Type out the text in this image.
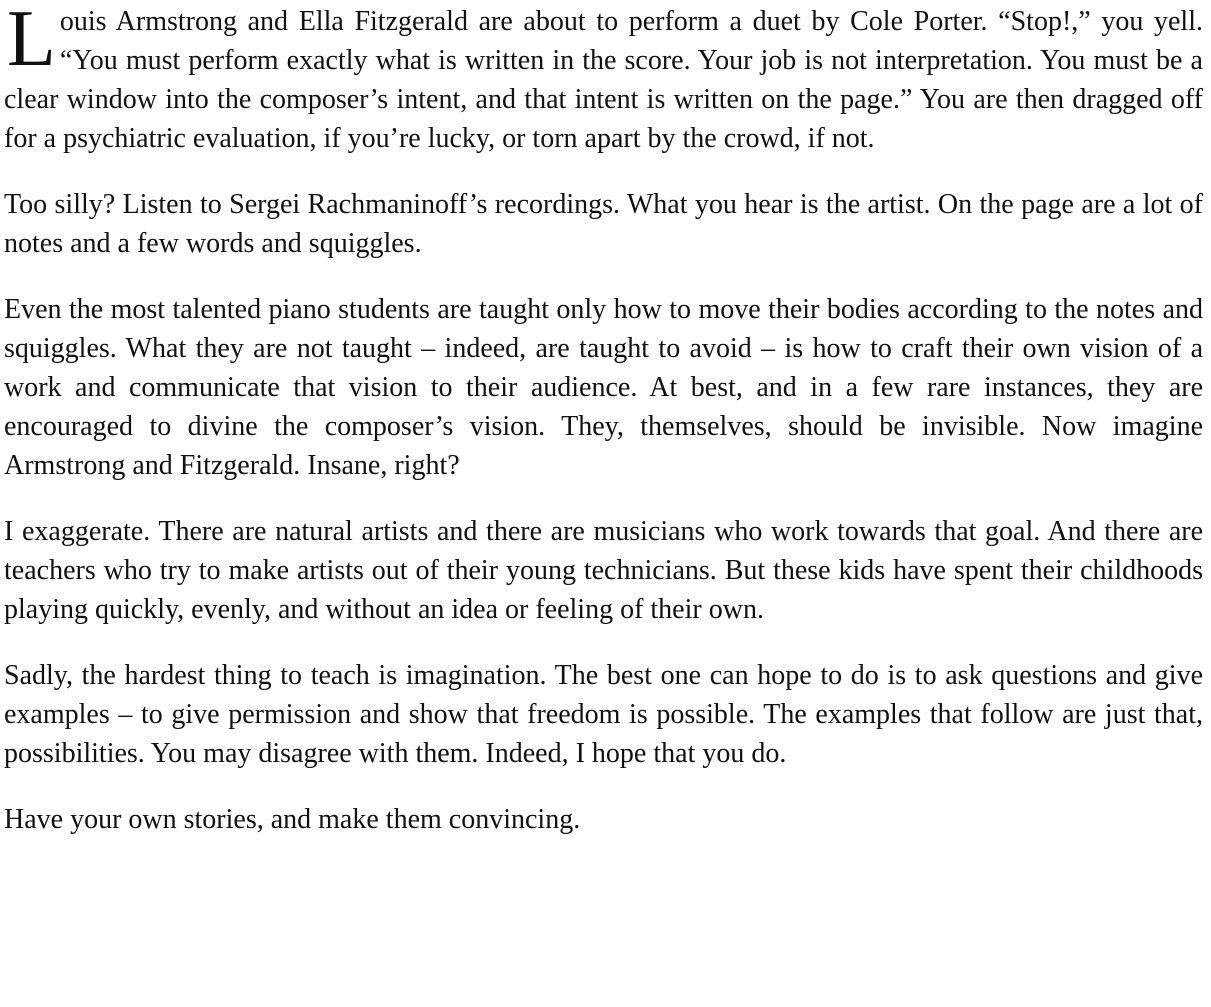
Louis Armstrong and Ella Fitzgerald are about to perform a duet by Cole Porter. “Stop!,” you yell. “You must perform exactly what is written in the score. Your job is not interpretation. You must be a clear window into the composer’s intent, and that intent is written on the page.” You are then dragged off for a psychiatric evaluation, if you’re lucky, or torn apart by the crowd, if not.

Too silly? Listen to Sergei Rachmaninoff’s recordings. What you hear is the artist. On the page are a lot of notes and a few words and squiggles.

Even the most talented piano students are taught only how to move their bodies according to the notes and squiggles. What they are not taught – indeed, are taught to avoid – is how to craft their own vision of a work and communicate that vision to their audience. At best, and in a few rare instances, they are encouraged to divine the composer’s vision. They, themselves, should be invisible. Now imagine Armstrong and Fitzgerald. Insane, right?

I exaggerate. There are natural artists and there are musicians who work towards that goal. And there are teachers who try to make artists out of their young technicians. But these kids have spent their childhoods playing quickly, evenly, and without an idea or feeling of their own.

Sadly, the hardest thing to teach is imagination. The best one can hope to do is to ask questions and give examples – to give permission and show that freedom is possible. The examples that follow are just that, possibilities. You may disagree with them. Indeed, I hope that you do.

Have your own stories, and make them convincing.
